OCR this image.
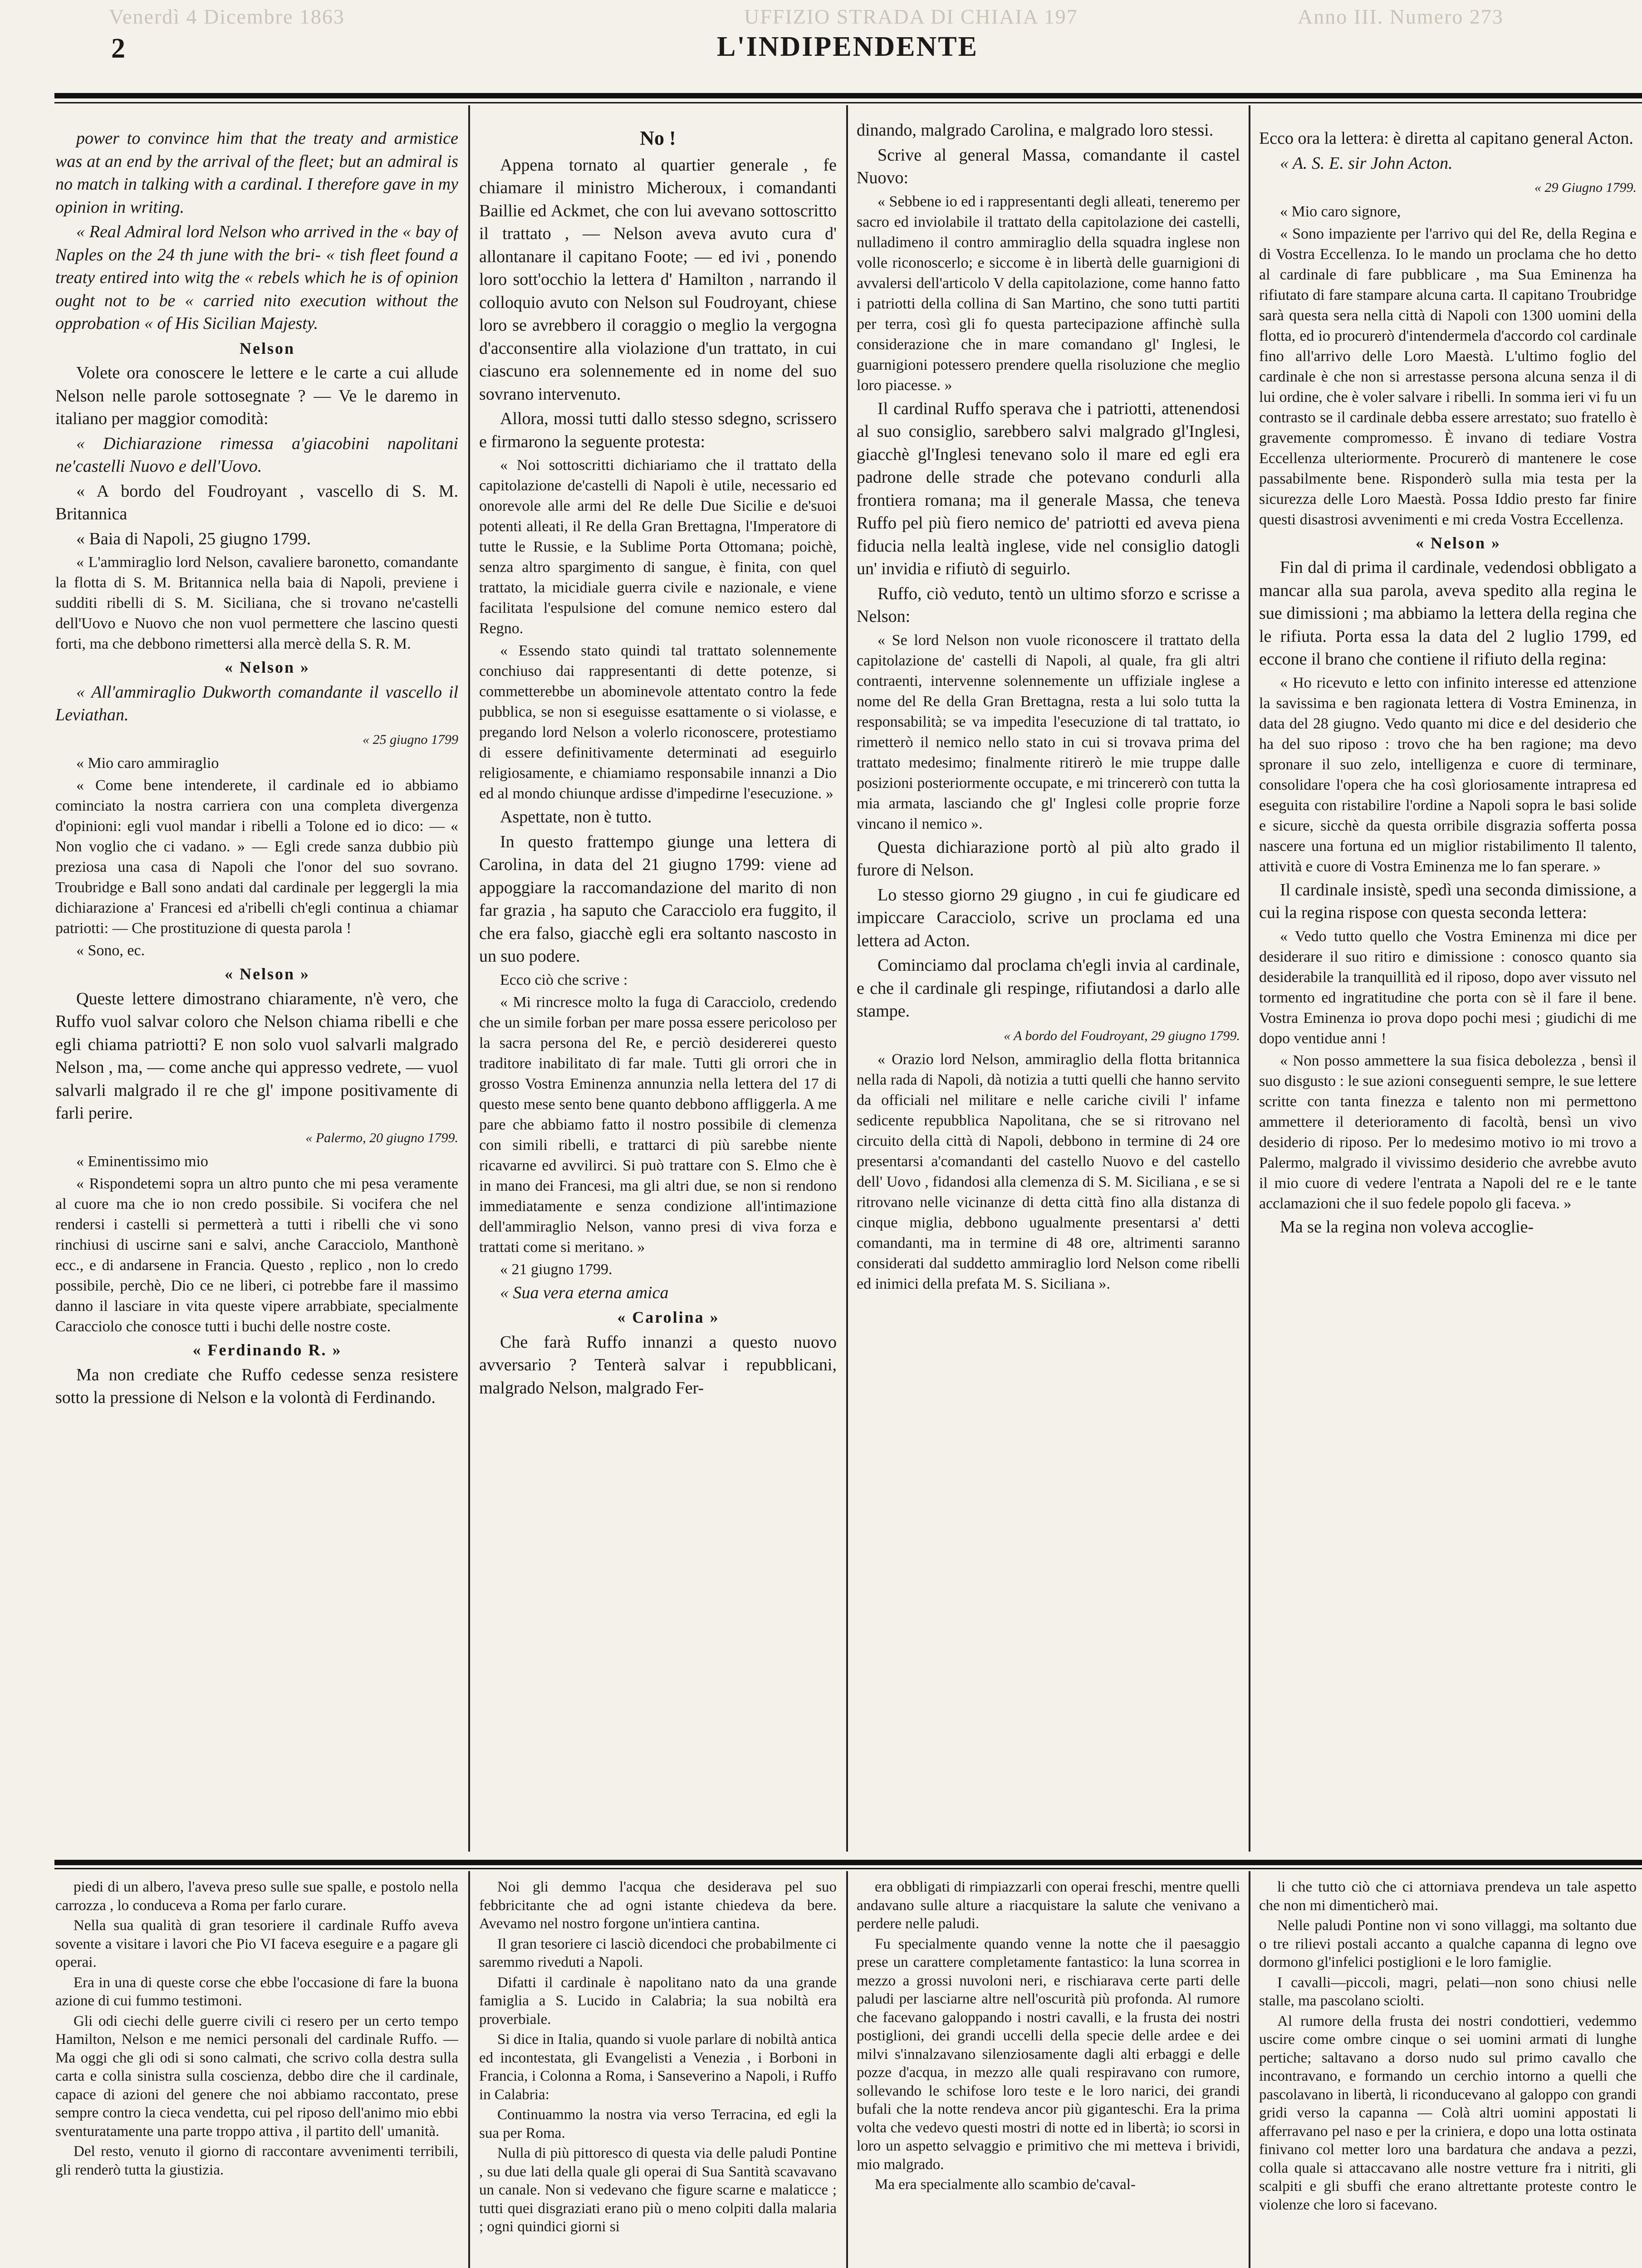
Venerdì 4 Dicembre 1863	UFFIZIO STRADA DI CHIAIA 197	Anno III. Numero 273
2	L'INDIPENDENTE

power to convince him that the treaty and armistice was at an end by the arrival of the fleet; but an admiral is no match in talking with a cardinal. I therefore gave in my opinion in writing.

« Real Admiral lord Nelson who arrived in the « bay of Naples on the 24 th june with the bri- « tish fleet found a treaty entired into witg the « rebels which he is of opinion ought not to be « carried nito execution without the opprobation « of His Sicilian Majesty.

Nelson

Volete ora conoscere le lettere e le carte a cui allude Nelson nelle parole sottosegnate ? — Ve le daremo in italiano per maggior comodità:

« Dichiarazione rimessa a'giacobini napolitani ne'castelli Nuovo e dell'Uovo.

« A bordo del Foudroyant , vascello di S. M. Britannica

« Baia di Napoli, 25 giugno 1799.

« L'ammiraglio lord Nelson, cavaliere baronetto, comandante la flotta di S. M. Britannica nella baia di Napoli, previene i sudditi ribelli di S. M. Siciliana, che si trovano ne'castelli dell'Uovo e Nuovo che non vuol permettere che lascino questi forti, ma che debbono rimettersi alla mercè della S. R. M.

« Nelson »

« All'ammiraglio Dukworth comandante il vascello il Leviathan.

« 25 giugno 1799

« Mio caro ammiraglio

« Come bene intenderete, il cardinale ed io abbiamo cominciato la nostra carriera con una completa divergenza d'opinioni: egli vuol mandar i ribelli a Tolone ed io dico: — « Non voglio che ci vadano. » — Egli crede sanza dubbio più preziosa una casa di Napoli che l'onor del suo sovrano. Troubridge e Ball sono andati dal cardinale per leggergli la mia dichiarazione a' Francesi ed a'ribelli ch'egli continua a chiamar patriotti: — Che prostituzione di questa parola !

« Sono, ec.

« Nelson »

Queste lettere dimostrano chiaramente, n'è vero, che Ruffo vuol salvar coloro che Nelson chiama ribelli e che egli chiama patriotti? E non solo vuol salvarli malgrado Nelson , ma, — come anche qui appresso vedrete, — vuol salvarli malgrado il re che gl' impone positivamente di farli perire.

« Palermo, 20 giugno 1799.

« Eminentissimo mio

« Rispondetemi sopra un altro punto che mi pesa veramente al cuore ma che io non credo possibile. Si vocifera che nel rendersi i castelli si permetterà a tutti i ribelli che vi sono rinchiusi di uscirne sani e salvi, anche Caracciolo, Manthonè ecc., e di andarsene in Francia. Questo , replico , non lo credo possibile, perchè, Dio ce ne liberi, ci potrebbe fare il massimo danno il lasciare in vita queste vipere arrabbiate, specialmente Caracciolo che conosce tutti i buchi delle nostre coste.

« Ferdinando R. »

Ma non crediate che Ruffo cedesse senza resistere sotto la pressione di Nelson e la volontà di Ferdinando.

No !

Appena tornato al quartier generale , fe chiamare il ministro Micheroux, i comandanti Baillie ed Ackmet, che con lui avevano sottoscritto il trattato , — Nelson aveva avuto cura d' allontanare il capitano Foote; — ed ivi , ponendo loro sott'occhio la lettera d' Hamilton , narrando il colloquio avuto con Nelson sul Foudroyant, chiese loro se avrebbero il coraggio o meglio la vergogna d'acconsentire alla violazione d'un trattato, in cui ciascuno era solennemente ed in nome del suo sovrano intervenuto.

Allora, mossi tutti dallo stesso sdegno, scrissero e firmarono la seguente protesta:

« Noi sottoscritti dichiariamo che il trattato della capitolazione de'castelli di Napoli è utile, necessario ed onorevole alle armi del Re delle Due Sicilie e de'suoi potenti alleati, il Re della Gran Brettagna, l'Imperatore di tutte le Russie, e la Sublime Porta Ottomana; poichè, senza altro spargimento di sangue, è finita, con quel trattato, la micidiale guerra civile e nazionale, e viene facilitata l'espulsione del comune nemico estero dal Regno.

« Essendo stato quindi tal trattato solennemente conchiuso dai rappresentanti di dette potenze, si commetterebbe un abominevole attentato contro la fede pubblica, se non si eseguisse esattamente o si violasse, e pregando lord Nelson a volerlo riconoscere, protestiamo di essere definitivamente determinati ad eseguirlo religiosamente, e chiamiamo responsabile innanzi a Dio ed al mondo chiunque ardisse d'impedirne l'esecuzione. »

Aspettate, non è tutto.

In questo frattempo giunge una lettera di Carolina, in data del 21 giugno 1799: viene ad appoggiare la raccomandazione del marito di non far grazia , ha saputo che Caracciolo era fuggito, il che era falso, giacchè egli era soltanto nascosto in un suo podere.

Ecco ciò che scrive :

« Mi rincresce molto la fuga di Caracciolo, credendo che un simile forban per mare possa essere pericoloso per la sacra persona del Re, e perciò desidererei questo traditore inabilitato di far male. Tutti gli orrori che in grosso Vostra Eminenza annunzia nella lettera del 17 di questo mese sento bene quanto debbono affliggerla. A me pare che abbiamo fatto il nostro possibile di clemenza con simili ribelli, e trattarci di più sarebbe niente ricavarne ed avvilirci. Si può trattare con S. Elmo che è in mano dei Francesi, ma gli altri due, se non si rendono immediatamente e senza condizione all'intimazione dell'ammiraglio Nelson, vanno presi di viva forza e trattati come si meritano. »

« 21 giugno 1799.

« Sua vera eterna amica

« Carolina »

Che farà Ruffo innanzi a questo nuovo avversario ? Tenterà salvar i repubblicani, malgrado Nelson, malgrado Fer-

dinando, malgrado Carolina, e malgrado loro stessi.

Scrive al general Massa, comandante il castel Nuovo:

« Sebbene io ed i rappresentanti degli alleati, teneremo per sacro ed inviolabile il trattato della capitolazione dei castelli, nulladimeno il contro ammiraglio della squadra inglese non volle riconoscerlo; e siccome è in libertà delle guarnigioni di avvalersi dell'articolo V della capitolazione, come hanno fatto i patriotti della collina di San Martino, che sono tutti partiti per terra, così gli fo questa partecipazione affinchè sulla considerazione che in mare comandano gl' Inglesi, le guarnigioni potessero prendere quella risoluzione che meglio loro piacesse. »

Il cardinal Ruffo sperava che i patriotti, attenendosi al suo consiglio, sarebbero salvi malgrado gl'Inglesi, giacchè gl'Inglesi tenevano solo il mare ed egli era padrone delle strade che potevano condurli alla frontiera romana; ma il generale Massa, che teneva Ruffo pel più fiero nemico de' patriotti ed aveva piena fiducia nella lealtà inglese, vide nel consiglio datogli un' invidia e rifiutò di seguirlo.

Ruffo, ciò veduto, tentò un ultimo sforzo e scrisse a Nelson:

« Se lord Nelson non vuole riconoscere il trattato della capitolazione de' castelli di Napoli, al quale, fra gli altri contraenti, intervenne solennemente un uffiziale inglese a nome del Re della Gran Brettagna, resta a lui solo tutta la responsabilità; se va impedita l'esecuzione di tal trattato, io rimetterò il nemico nello stato in cui si trovava prima del trattato medesimo; finalmente ritirerò le mie truppe dalle posizioni posteriormente occupate, e mi trincererò con tutta la mia armata, lasciando che gl' Inglesi colle proprie forze vincano il nemico ».

Questa dichiarazione portò al più alto grado il furore di Nelson.

Lo stesso giorno 29 giugno , in cui fe giudicare ed impiccare Caracciolo, scrive un proclama ed una lettera ad Acton.

Cominciamo dal proclama ch'egli invia al cardinale, e che il cardinale gli respinge, rifiutandosi a darlo alle stampe.

« A bordo del Foudroyant, 29 giugno 1799.

« Orazio lord Nelson, ammiraglio della flotta britannica nella rada di Napoli, dà notizia a tutti quelli che hanno servito da officiali nel militare e nelle cariche civili l' infame sedicente repubblica Napolitana, che se si ritrovano nel circuito della città di Napoli, debbono in termine di 24 ore presentarsi a'comandanti del castello Nuovo e del castello dell' Uovo , fidandosi alla clemenza di S. M. Siciliana , e se si ritrovano nelle vicinanze di detta città fino alla distanza di cinque miglia, debbono ugualmente presentarsi a' detti comandanti, ma in termine di 48 ore, altrimenti saranno considerati dal suddetto ammiraglio lord Nelson come ribelli ed inimici della prefata M. S. Siciliana ».

Ecco ora la lettera: è diretta al capitano general Acton.

« A. S. E. sir John Acton.

« 29 Giugno 1799.

« Mio caro signore,

« Sono impaziente per l'arrivo qui del Re, della Regina e di Vostra Eccellenza. Io le mando un proclama che ho detto al cardinale di fare pubblicare , ma Sua Eminenza ha rifiutato di fare stampare alcuna carta. Il capitano Troubridge sarà questa sera nella città di Napoli con 1300 uomini della flotta, ed io procurerò d'intendermela d'accordo col cardinale fino all'arrivo delle Loro Maestà. L'ultimo foglio del cardinale è che non si arrestasse persona alcuna senza il di lui ordine, che è voler salvare i ribelli. In somma ieri vi fu un contrasto se il cardinale debba essere arrestato; suo fratello è gravemente compromesso. È invano di tediare Vostra Eccellenza ulteriormente. Procurerò di mantenere le cose passabilmente bene. Risponderò sulla mia testa per la sicurezza delle Loro Maestà. Possa Iddio presto far finire questi disastrosi avvenimenti e mi creda Vostra Eccellenza.

« Nelson »

Fin dal di prima il cardinale, vedendosi obbligato a mancar alla sua parola, aveva spedito alla regina le sue dimissioni ; ma abbiamo la lettera della regina che le rifiuta. Porta essa la data del 2 luglio 1799, ed eccone il brano che contiene il rifiuto della regina:

« Ho ricevuto e letto con infinito interesse ed attenzione la savissima e ben ragionata lettera di Vostra Eminenza, in data del 28 giugno. Vedo quanto mi dice e del desiderio che ha del suo riposo : trovo che ha ben ragione; ma devo spronare il suo zelo, intelligenza e cuore di terminare, consolidare l'opera che ha così gloriosamente intrapresa ed eseguita con ristabilire l'ordine a Napoli sopra le basi solide e sicure, sicchè da questa orribile disgrazia sofferta possa nascere una fortuna ed un miglior ristabilimento Il talento, attività e cuore di Vostra Eminenza me lo fan sperare. »

Il cardinale insistè, spedì una seconda dimissione, a cui la regina rispose con questa seconda lettera:

« Vedo tutto quello che Vostra Eminenza mi dice per desiderare il suo ritiro e dimissione : conosco quanto sia desiderabile la tranquillità ed il riposo, dopo aver vissuto nel tormento ed ingratitudine che porta con sè il fare il bene. Vostra Eminenza io prova dopo pochi mesi ; giudichi di me dopo ventidue anni !

« Non posso ammettere la sua fisica debolezza , bensì il suo disgusto : le sue azioni conseguenti sempre, le sue lettere scritte con tanta finezza e talento non mi permettono ammettere il deterioramento di facoltà, bensì un vivo desiderio di riposo. Per lo medesimo motivo io mi trovo a Palermo, malgrado il vivissimo desiderio che avrebbe avuto il mio cuore di vedere l'entrata a Napoli del re e le tante acclamazioni che il suo fedele popolo gli faceva. »

Ma se la regina non voleva accoglie-

piedi di un albero, l'aveva preso sulle sue spalle, e postolo nella carrozza , lo conduceva a Roma per farlo curare.

Nella sua qualità di gran tesoriere il cardinale Ruffo aveva sovente a visitare i lavori che Pio VI faceva eseguire e a pagare gli operai.

Era in una di queste corse che ebbe l'occasione di fare la buona azione di cui fummo testimoni.

Gli odi ciechi delle guerre civili ci resero per un certo tempo Hamilton, Nelson e me nemici personali del cardinale Ruffo. — Ma oggi che gli odi si sono calmati, che scrivo colla destra sulla carta e colla sinistra sulla coscienza, debbo dire che il cardinale, capace di azioni del genere che noi abbiamo raccontato, prese sempre contro la cieca vendetta, cui pel riposo dell'animo mio ebbi sventuratamente una parte troppo attiva , il partito dell' umanità.

Del resto, venuto il giorno di raccontare avvenimenti terribili, gli renderò tutta la giustizia.

Noi gli demmo l'acqua che desiderava pel suo febbricitante che ad ogni istante chiedeva da bere. Avevamo nel nostro forgone un'intiera cantina.

Il gran tesoriere ci lasciò dicendoci che probabilmente ci saremmo riveduti a Napoli.

Difatti il cardinale è napolitano nato da una grande famiglia a S. Lucido in Calabria; la sua nobiltà era proverbiale.

Si dice in Italia, quando si vuole parlare di nobiltà antica ed incontestata, gli Evangelisti a Venezia , i Borboni in Francia, i Colonna a Roma, i Sanseverino a Napoli, i Ruffo in Calabria:

Continuammo la nostra via verso Terracina, ed egli la sua per Roma.

Nulla di più pittoresco di questa via delle paludi Pontine , su due lati della quale gli operai di Sua Santità scavavano un canale. Non si vedevano che figure scarne e malaticce ; tutti quei disgraziati erano più o meno colpiti dalla malaria ; ogni quindici giorni si

era obbligati di rimpiazzarli con operai freschi, mentre quelli andavano sulle alture a riacquistare la salute che venivano a perdere nelle paludi.

Fu specialmente quando venne la notte che il paesaggio prese un carattere completamente fantastico: la luna scorrea in mezzo a grossi nuvoloni neri, e rischiarava certe parti delle paludi per lasciarne altre nell'oscurità più profonda. Al rumore che facevano galoppando i nostri cavalli, e la frusta dei nostri postiglioni, dei grandi uccelli della specie delle ardee e dei milvi s'innalzavano silenziosamente dagli alti erbaggi e delle pozze d'acqua, in mezzo alle quali respiravano con rumore, sollevando le schifose loro teste e le loro narici, dei grandi bufali che la notte rendeva ancor più giganteschi. Era la prima volta che vedevo questi mostri di notte ed in libertà; io scorsi in loro un aspetto selvaggio e primitivo che mi metteva i brividi, mio malgrado.

Ma era specialmente allo scambio de'caval-

li che tutto ciò che ci attorniava prendeva un tale aspetto che non mi dimenticherò mai.

Nelle paludi Pontine non vi sono villaggi, ma soltanto due o tre rilievi postali accanto a qualche capanna di legno ove dormono gl'infelici postiglioni e le loro famiglie.

I cavalli—piccoli, magri, pelati—non sono chiusi nelle stalle, ma pascolano sciolti.

Al rumore della frusta dei nostri condottieri, vedemmo uscire come ombre cinque o sei uomini armati di lunghe pertiche; saltavano a dorso nudo sul primo cavallo che incontravano, e formando un cerchio intorno a quelli che pascolavano in libertà, li riconducevano al galoppo con grandi gridi verso la capanna — Colà altri uomini appostati li afferravano pel naso e per la criniera, e dopo una lotta ostinata finivano col metter loro una bardatura che andava a pezzi, colla quale si attaccavano alle nostre vetture fra i nitriti, gli scalpiti e gli sbuffi che erano altrettante proteste contro le violenze che loro si facevano.
